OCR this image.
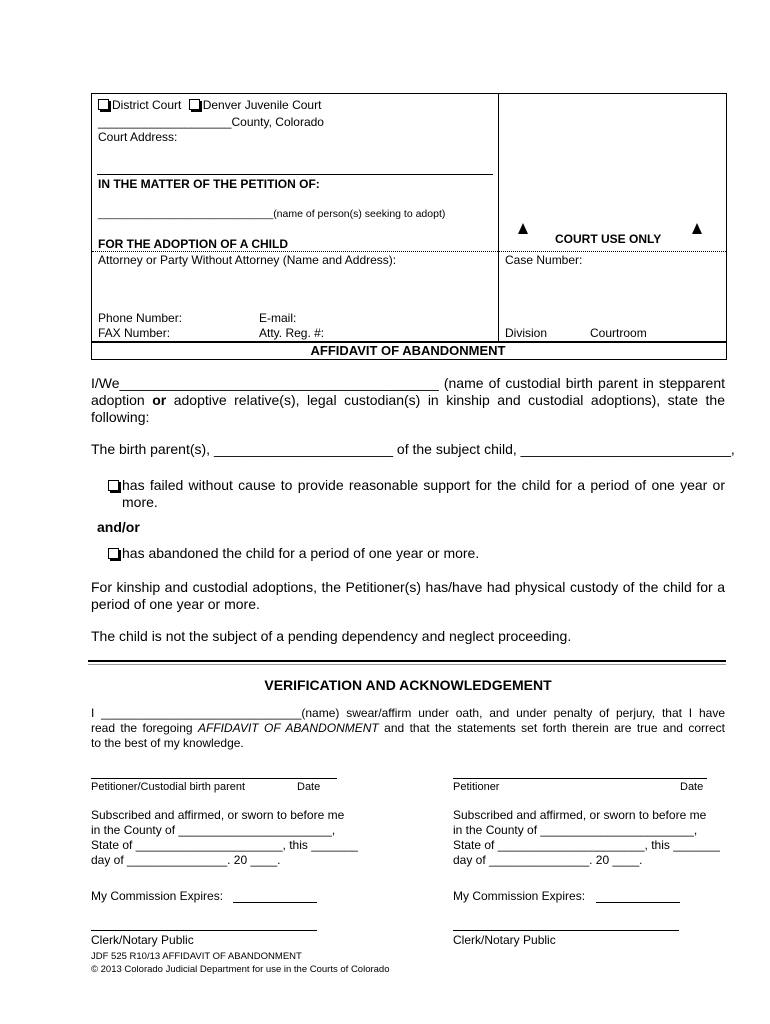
District Court Denver Juvenile Court
____________________County, Colorado
Court Address:
IN THE MATTER OF THE PETITION OF:
______________________________(name of person(s) seeking to adopt)
FOR THE ADOPTION OF A CHILD	COURT USE ONLY
Attorney or Party Without Attorney (Name and Address):	Case Number:
Phone Number:	E-mail:
FAX Number:	Atty. Reg. #:	Division	Courtroom
AFFIDAVIT OF ABANDONMENT
I/We_________________________________________ (name of custodial birth parent in stepparent
adoption or adoptive relative(s), legal custodian(s) in kinship and custodial adoptions), state the
following:
The birth parent(s), _______________________ of the subject child, ___________________________,
has failed without cause to provide reasonable support for the child for a period of one year or
more.
and/or
has abandoned the child for a period of one year or more.
For kinship and custodial adoptions, the Petitioner(s) has/have had physical custody of the child for a
period of one year or more.
The child is not the subject of a pending dependency and neglect proceeding.
VERIFICATION AND ACKNOWLEDGEMENT
I ______________________________(name) swear/affirm under oath, and under penalty of perjury, that I have
read the foregoing AFFIDAVIT OF ABANDONMENT and that the statements set forth therein are true and correct
to the best of my knowledge.
Petitioner/Custodial birth parent	Date
Subscribed and affirmed, or sworn to before me
in the County of _______________________,
State of ______________________, this _______
day of _______________. 20 ____.
My Commission Expires:
Clerk/Notary Public
Petitioner	Date
Subscribed and affirmed, or sworn to before me
in the County of _______________________,
State of ______________________, this _______
day of _______________. 20 ____.
My Commission Expires:
Clerk/Notary Public
JDF 525 R10/13 AFFIDAVIT OF ABANDONMENT
© 2013 Colorado Judicial Department for use in the Courts of Colorado
